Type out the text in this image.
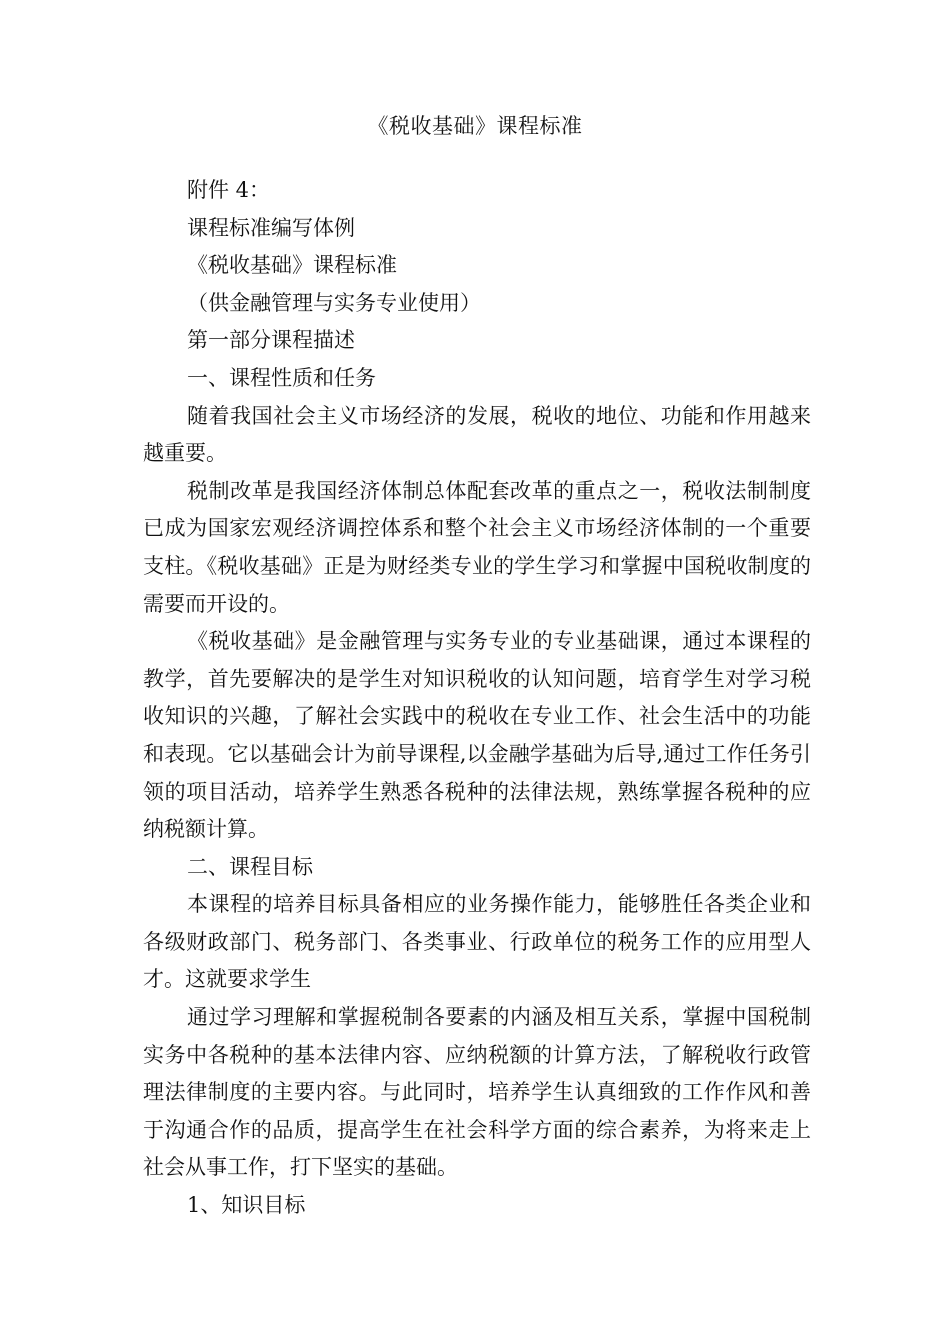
《税收基础》课程标准

附件 4：

课程标准编写体例

《税收基础》课程标准

（供金融管理与实务专业使用）

第一部分课程描述

一、课程性质和任务

随着我国社会主义市场经济的发展，税收的地位、功能和作用越来越重要。

税制改革是我国经济体制总体配套改革的重点之一，税收法制制度已成为国家宏观经济调控体系和整个社会主义市场经济体制的一个重要支柱。《税收基础》正是为财经类专业的学生学习和掌握中国税收制度的需要而开设的。

《税收基础》是金融管理与实务专业的专业基础课，通过本课程的教学，首先要解决的是学生对知识税收的认知问题，培育学生对学习税收知识的兴趣，了解社会实践中的税收在专业工作、社会生活中的功能和表现。它以基础会计为前导课程,以金融学基础为后导,通过工作任务引领的项目活动，培养学生熟悉各税种的法律法规，熟练掌握各税种的应纳税额计算。

二、课程目标

本课程的培养目标具备相应的业务操作能力，能够胜任各类企业和各级财政部门、税务部门、各类事业、行政单位的税务工作的应用型人才。这就要求学生

通过学习理解和掌握税制各要素的内涵及相互关系，掌握中国税制实务中各税种的基本法律内容、应纳税额的计算方法，了解税收行政管理法律制度的主要内容。与此同时，培养学生认真细致的工作作风和善于沟通合作的品质，提高学生在社会科学方面的综合素养，为将来走上社会从事工作，打下坚实的基础。

1、知识目标
